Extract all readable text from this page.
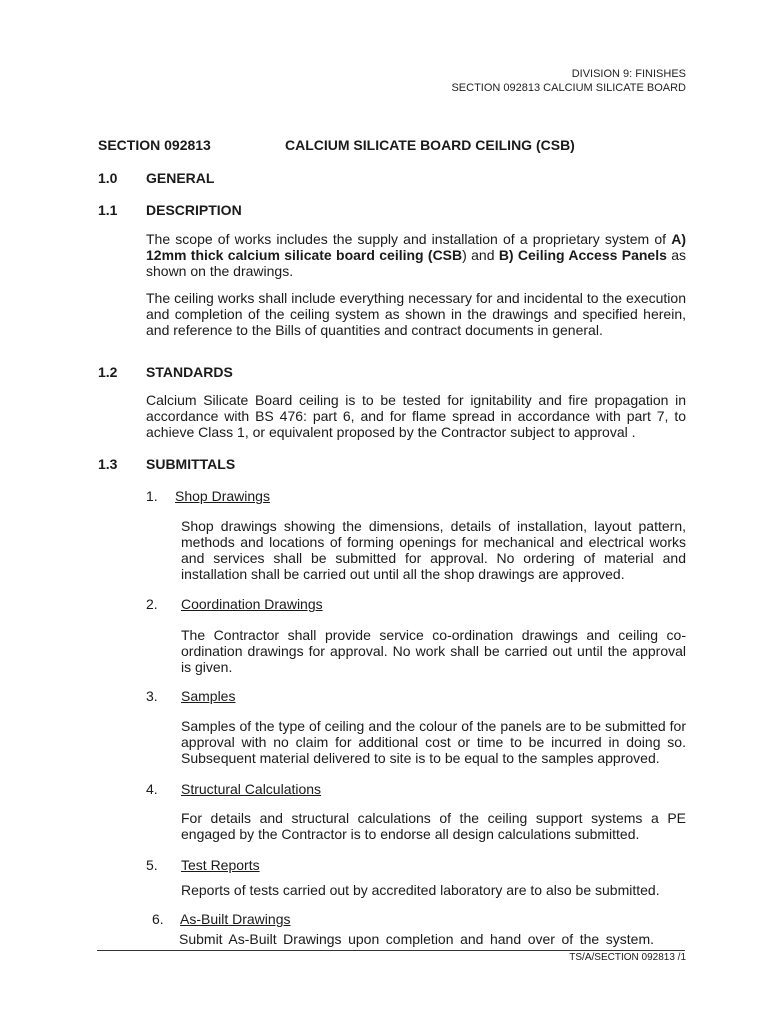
DIVISION 9: FINISHES
SECTION 092813 CALCIUM SILICATE BOARD
SECTION 092813	CALCIUM SILICATE BOARD CEILING (CSB)
1.0 GENERAL
1.1 DESCRIPTION
The scope of works includes the supply and installation of a proprietary system of A) 12mm thick calcium silicate board ceiling (CSB) and B) Ceiling Access Panels as shown on the drawings.
The ceiling works shall include everything necessary for and incidental to the execution and completion of the ceiling system as shown in the drawings and specified herein, and reference to the Bills of quantities and contract documents in general.
1.2 STANDARDS
Calcium Silicate Board ceiling is to be tested for ignitability and fire propagation in accordance with BS 476: part 6, and for flame spread in accordance with part 7, to achieve Class 1, or equivalent proposed by the Contractor subject to approval .
1.3 SUBMITTALS
1. Shop Drawings
Shop drawings showing the dimensions, details of installation, layout pattern, methods and locations of forming openings for mechanical and electrical works and services shall be submitted for approval. No ordering of material and installation shall be carried out until all the shop drawings are approved.
2. Coordination Drawings
The Contractor shall provide service co-ordination drawings and ceiling co-ordination drawings for approval. No work shall be carried out until the approval is given.
3. Samples
Samples of the type of ceiling and the colour of the panels are to be submitted for approval with no claim for additional cost or time to be incurred in doing so. Subsequent material delivered to site is to be equal to the samples approved.
4. Structural Calculations
For details and structural calculations of the ceiling support systems a PE engaged by the Contractor is to endorse all design calculations submitted.
5. Test Reports
Reports of tests carried out by accredited laboratory are to also be submitted.
6. As-Built Drawings
Submit As-Built Drawings upon completion and hand over of the system.
TS/A/SECTION 092813 /1
